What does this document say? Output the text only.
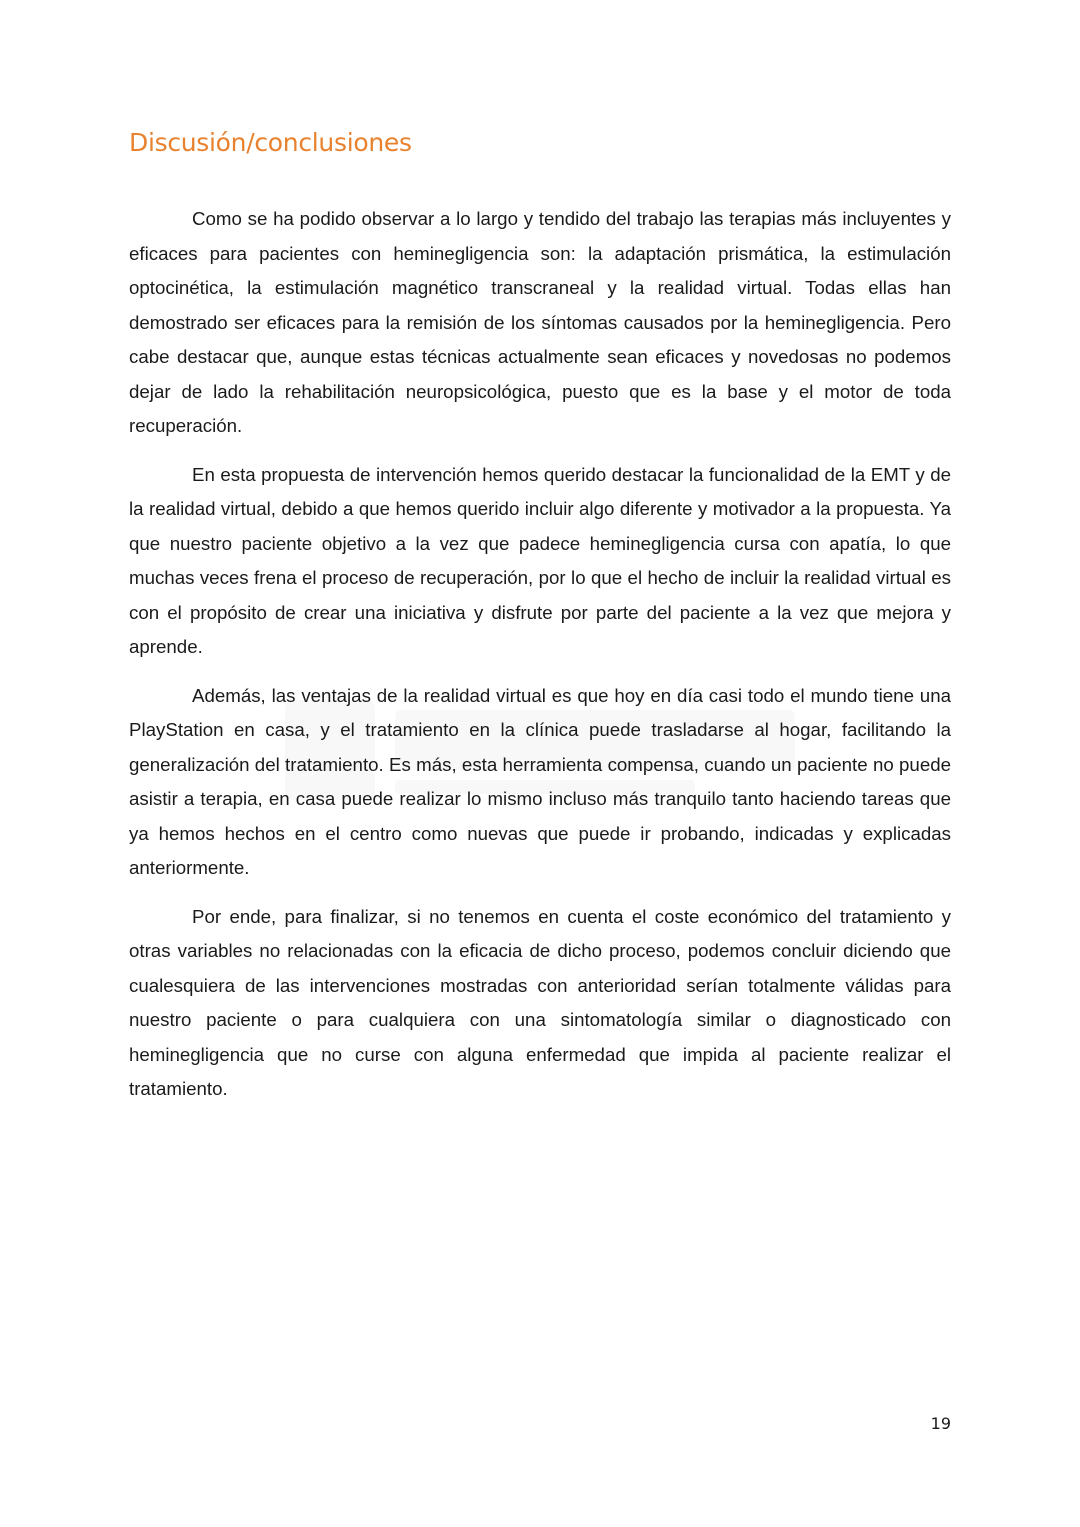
Discusión/conclusiones

Como se ha podido observar a lo largo y tendido del trabajo las terapias más incluyentes y eficaces para pacientes con heminegligencia son: la adaptación prismática, la estimulación optocinética, la estimulación magnético transcraneal y la realidad virtual. Todas ellas han demostrado ser eficaces para la remisión de los síntomas causados por la heminegligencia. Pero cabe destacar que, aunque estas técnicas actualmente sean eficaces y novedosas no podemos dejar de lado la rehabilitación neuropsicológica, puesto que es la base y el motor de toda recuperación.

En esta propuesta de intervención hemos querido destacar la funcionalidad de la EMT y de la realidad virtual, debido a que hemos querido incluir algo diferente y motivador a la propuesta. Ya que nuestro paciente objetivo a la vez que padece heminegligencia cursa con apatía, lo que muchas veces frena el proceso de recuperación, por lo que el hecho de incluir la realidad virtual es con el propósito de crear una iniciativa y disfrute por parte del paciente a la vez que mejora y aprende.

Además, las ventajas de la realidad virtual es que hoy en día casi todo el mundo tiene una PlayStation en casa, y el tratamiento en la clínica puede trasladarse al hogar, facilitando la generalización del tratamiento. Es más, esta herramienta compensa, cuando un paciente no puede asistir a terapia, en casa puede realizar lo mismo incluso más tranquilo tanto haciendo tareas que ya hemos hechos en el centro como nuevas que puede ir probando, indicadas y explicadas anteriormente.

Por ende, para finalizar, si no tenemos en cuenta el coste económico del tratamiento y otras variables no relacionadas con la eficacia de dicho proceso, podemos concluir diciendo que cualesquiera de las intervenciones mostradas con anterioridad serían totalmente válidas para nuestro paciente o para cualquiera con una sintomatología similar o diagnosticado con heminegligencia que no curse con alguna enfermedad que impida al paciente realizar el tratamiento.

19
